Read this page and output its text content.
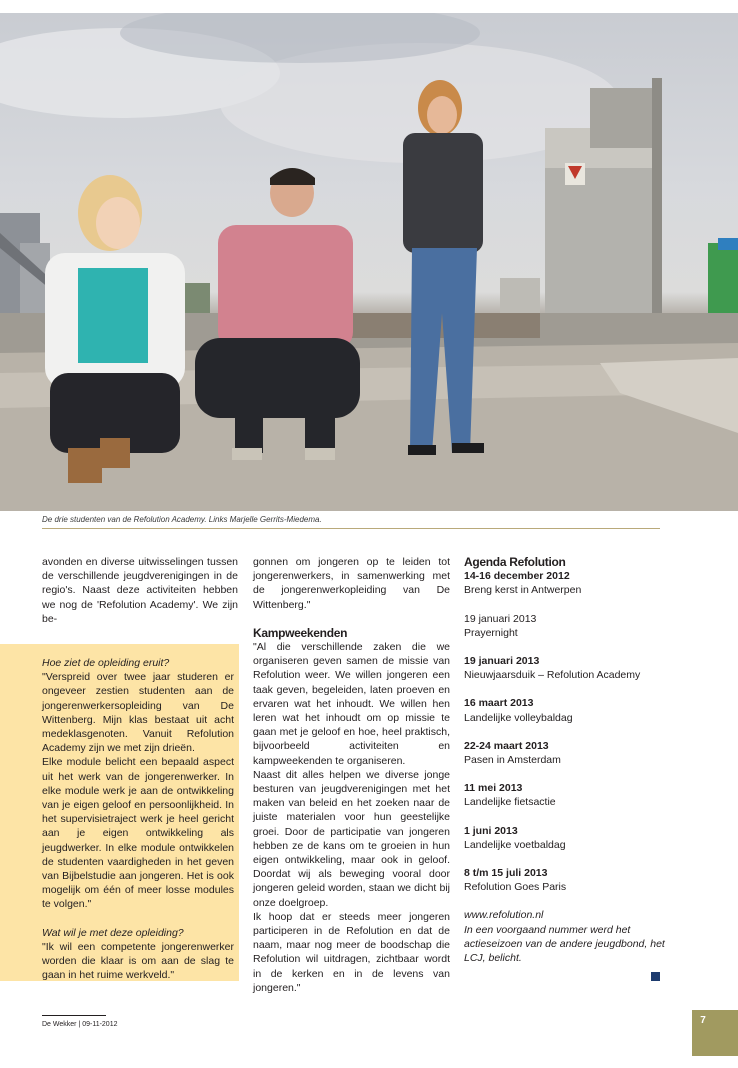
De drie studenten van de Refolution Academy. Links Marjelle Gerrits-Miedema.

avonden en diverse uitwisselingen tussen de verschillende jeugdverenigingen in de regio's. Naast deze activiteiten hebben we nog de 'Refolution Academy'. We zijn be-

Hoe ziet de opleiding eruit?

"Verspreid over twee jaar studeren er ongeveer zestien studenten aan de jongerenwerkersopleiding van De Wittenberg. Mijn klas bestaat uit acht medeklasgenoten. Vanuit Refolution Academy zijn we met zijn drieën.

Elke module belicht een bepaald aspect uit het werk van de jongerenwerker. In elke module werk je aan de ontwikkeling van je eigen geloof en persoonlijkheid. In het supervisietraject werk je heel gericht aan je eigen ontwikkeling als jeugdwerker. In elke module ontwikkelen de studenten vaardigheden in het geven van Bijbelstudie aan jongeren. Het is ook mogelijk om één of meer losse modules te volgen."

Wat wil je met deze opleiding?

"Ik wil een competente jongerenwerker worden die klaar is om aan de slag te gaan in het ruime werkveld."

gonnen om jongeren op te leiden tot jongerenwerkers, in samenwerking met de jongerenwerkopleiding van De Wittenberg."

Kampweekenden

"Al die verschillende zaken die we organiseren geven samen de missie van Refolution weer. We willen jongeren een taak geven, begeleiden, laten proeven en ervaren wat het inhoudt. We willen hen leren wat het inhoudt om op missie te gaan met je geloof en hoe, heel praktisch, bijvoorbeeld activiteiten en kampweekenden te organiseren.

Naast dit alles helpen we diverse jonge besturen van jeugdverenigingen met het maken van beleid en het zoeken naar de juiste materialen voor hun geestelijke groei. Door de participatie van jongeren hebben ze de kans om te groeien in hun eigen ontwikkeling, maar ook in geloof. Doordat wij als beweging vooral door jongeren geleid worden, staan we dicht bij onze doelgroep.

Ik hoop dat er steeds meer jongeren participeren in de Refolution en dat de naam, maar nog meer de boodschap die Refolution wil uitdragen, zichtbaar wordt in de kerken en in de levens van jongeren."

Agenda Refolution

14-16 december 2012

Breng kerst in Antwerpen

19 januari 2013

Prayernight

19 januari 2013

Nieuwjaarsduik – Refolution Academy

16 maart 2013

Landelijke volleybaldag

22-24 maart 2013

Pasen in Amsterdam

11 mei 2013

Landelijke fietsactie

1 juni 2013

Landelijke voetbaldag

8 t/m 15 juli 2013

Refolution Goes Paris

www.refolution.nl

In een voorgaand nummer werd het actieseizoen van de andere jeugdbond, het LCJ, belicht.

De Wekker | 09-11-2012	7
